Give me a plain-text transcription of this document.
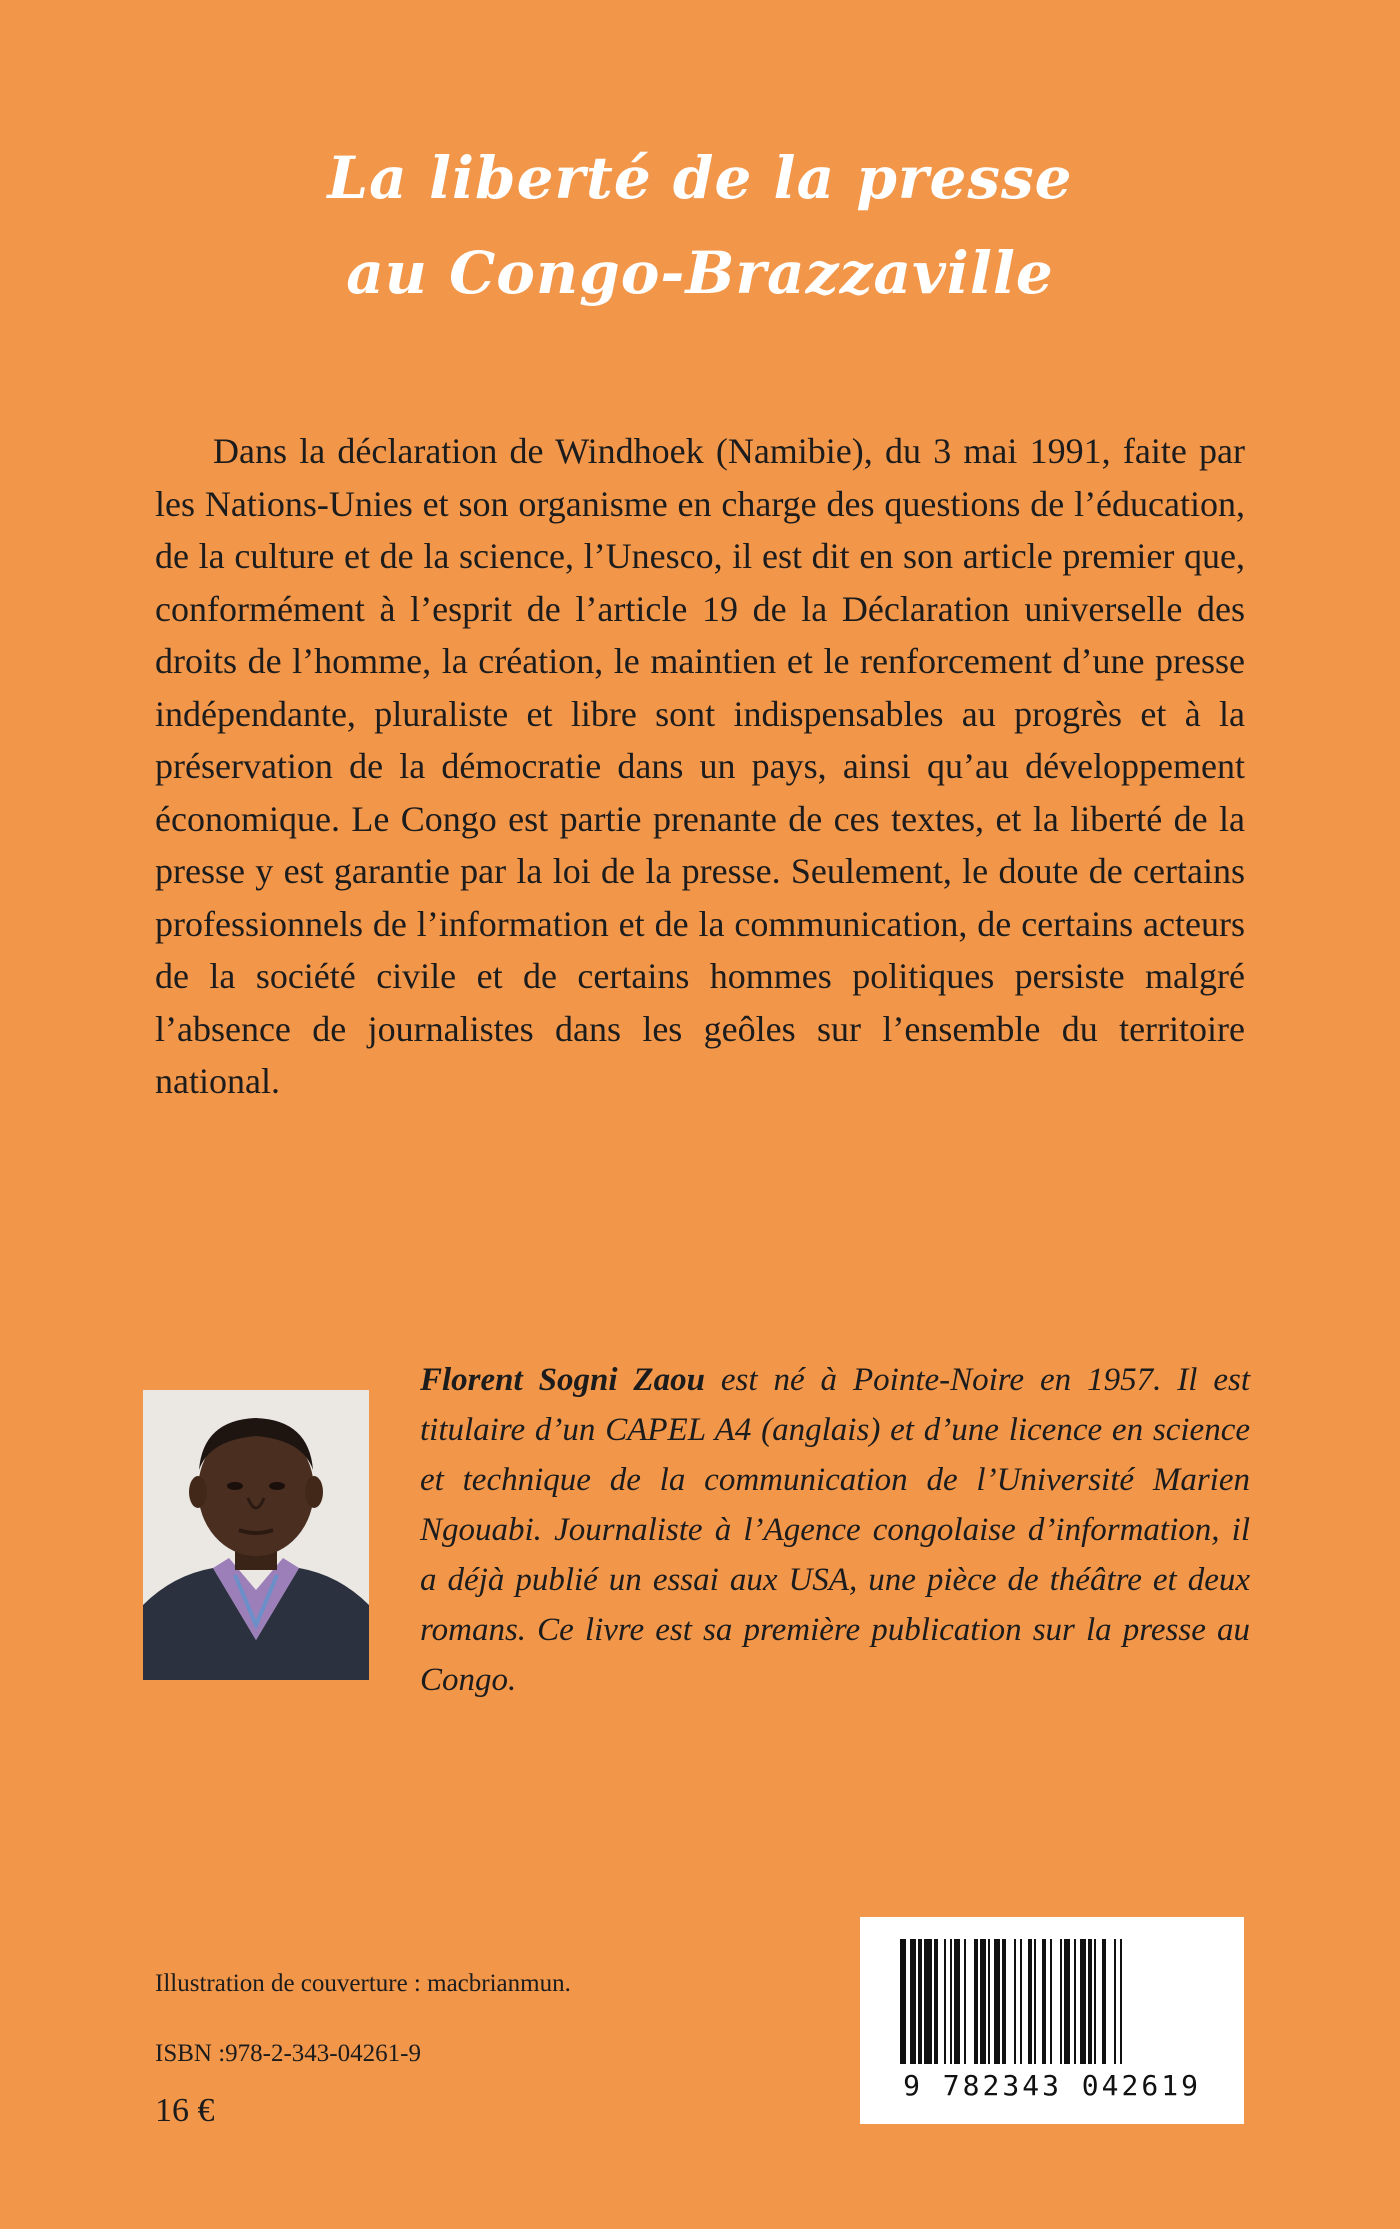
La liberté de la presse
au Congo-Brazzaville

Dans la déclaration de Windhoek (Namibie), du 3 mai 1991, faite par les Nations-Unies et son organisme en charge des questions de l’éducation, de la culture et de la science, l’Unesco, il est dit en son article premier que, conformément à l’esprit de l’article 19 de la Déclaration universelle des droits de l’homme, la création, le maintien et le renforcement d’une presse indépendante, pluraliste et libre sont indispensables au progrès et à la préservation de la démocratie dans un pays, ainsi qu’au développement économique. Le Congo est partie prenante de ces textes, et la liberté de la presse y est garantie par la loi de la presse. Seulement, le doute de certains professionnels de l’information et de la communication, de certains acteurs de la société civile et de certains hommes politiques persiste malgré l’absence de journalistes dans les geôles sur l’ensemble du territoire national.

Florent Sogni Zaou est né à Pointe-Noire en 1957. Il est titulaire d’un CAPEL A4 (anglais) et d’une licence en science et technique de la communication de l’Université Marien Ngouabi. Journaliste à l’Agence congolaise d’information, il a déjà publié un essai aux USA, une pièce de théâtre et deux romans. Ce livre est sa première publication sur la presse au Congo.

Illustration de couverture : macbrianmun.
ISBN :978-2-343-04261-9
16 €
9 782343 042619
